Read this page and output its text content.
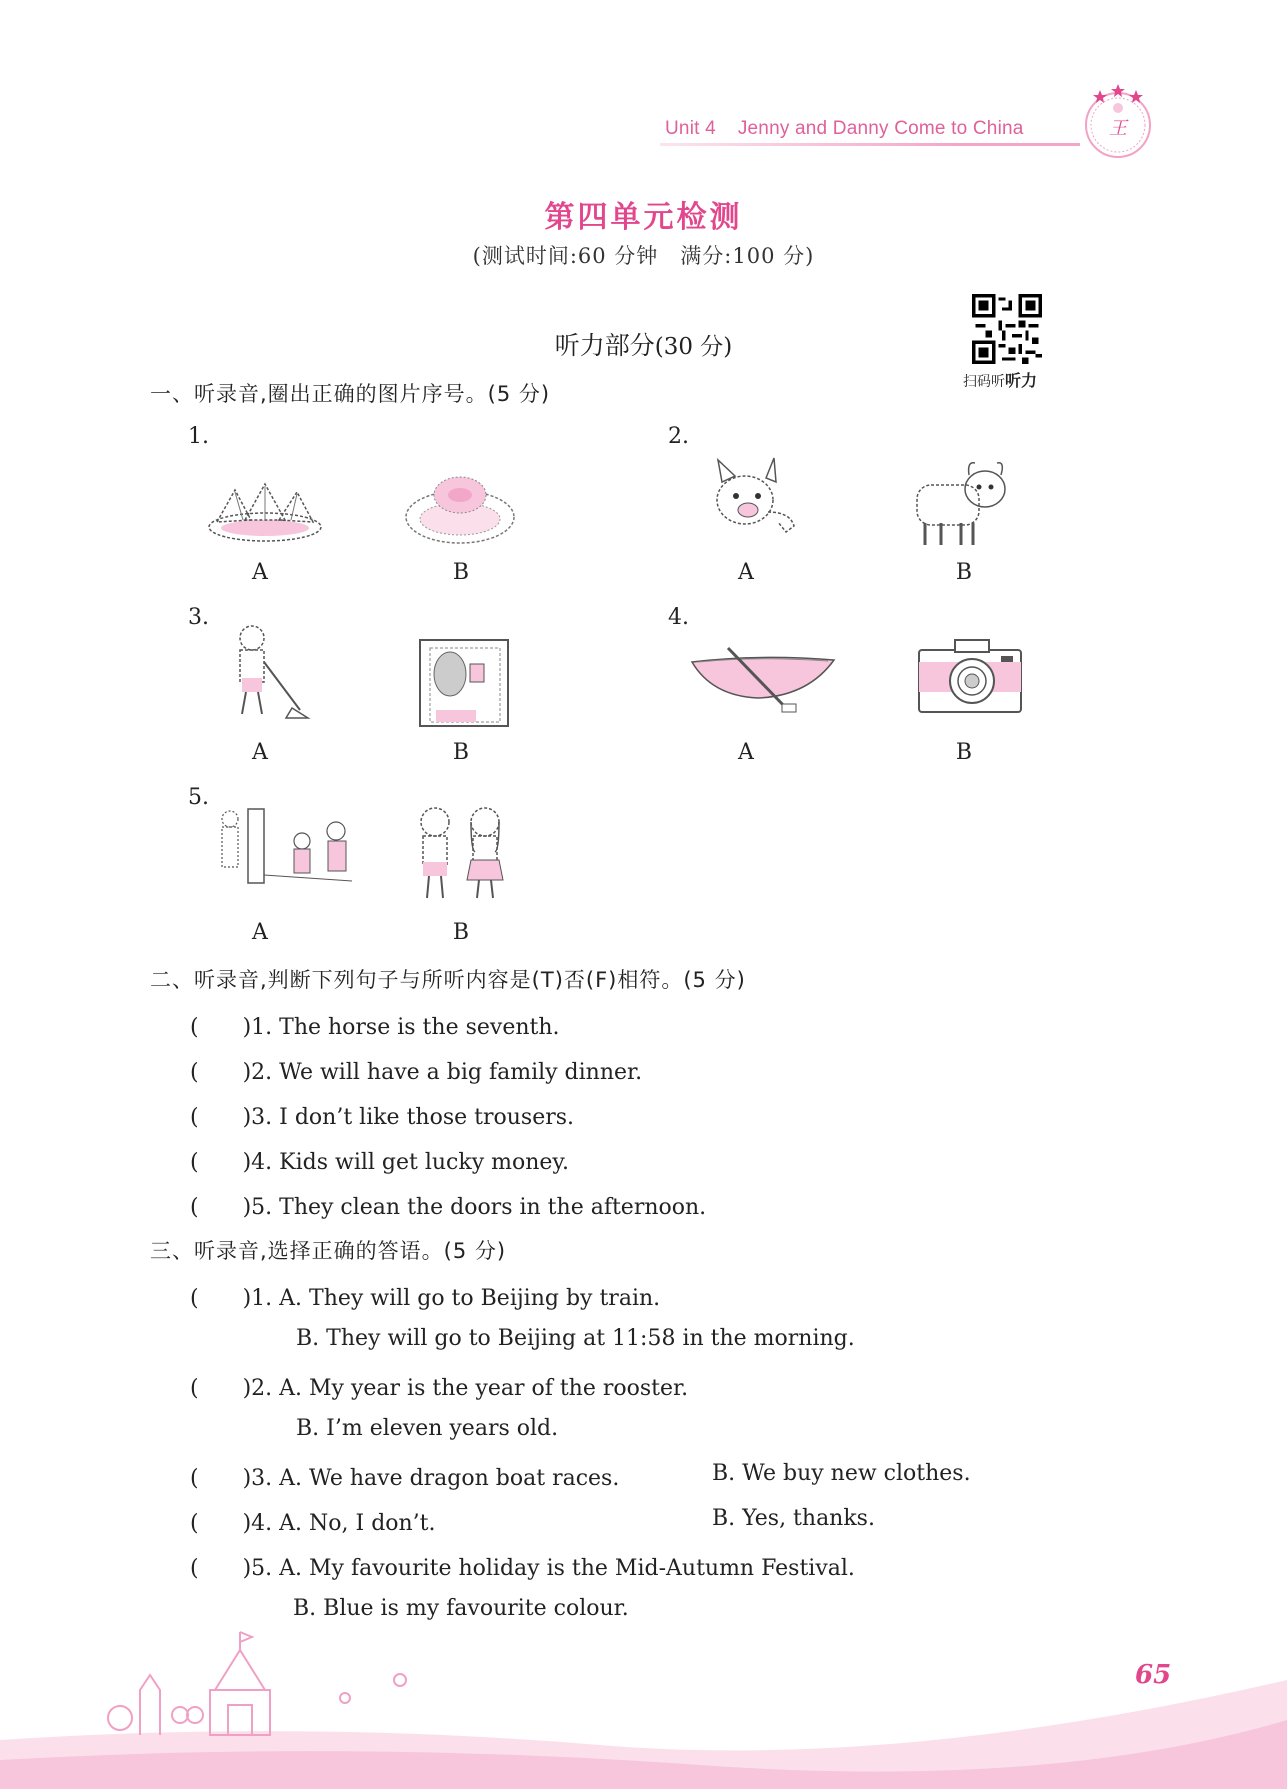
Unit 4 Jenny and Danny Come to China	王
第四单元检测
(测试时间:60 分钟　满分:100 分)
扫码听听力
听力部分(30 分)
一、听录音,圈出正确的图片序号。(5 分)
1.
A	B
2.
A	B
3.
A	B
4.
A	B
5.
A	B
二、听录音,判断下列句子与所听内容是(T)否(F)相符。(5 分)
(　　)1. The horse is the seventh.
(　　)2. We will have a big family dinner.
(　　)3. I don’t like those trousers.
(　　)4. Kids will get lucky money.
(　　)5. They clean the doors in the afternoon.
三、听录音,选择正确的答语。(5 分)
(　　)1. A. They will go to Beijing by train.
B. They will go to Beijing at 11:58 in the morning.
(　　)2. A. My year is the year of the rooster.
B. I’m eleven years old.
(　　)3. A. We have dragon boat races.	B. We buy new clothes.
(　　)4. A. No, I don’t.	B. Yes, thanks.
(　　)5. A. My favourite holiday is the Mid-Autumn Festival.
B. Blue is my favourite colour.
65
